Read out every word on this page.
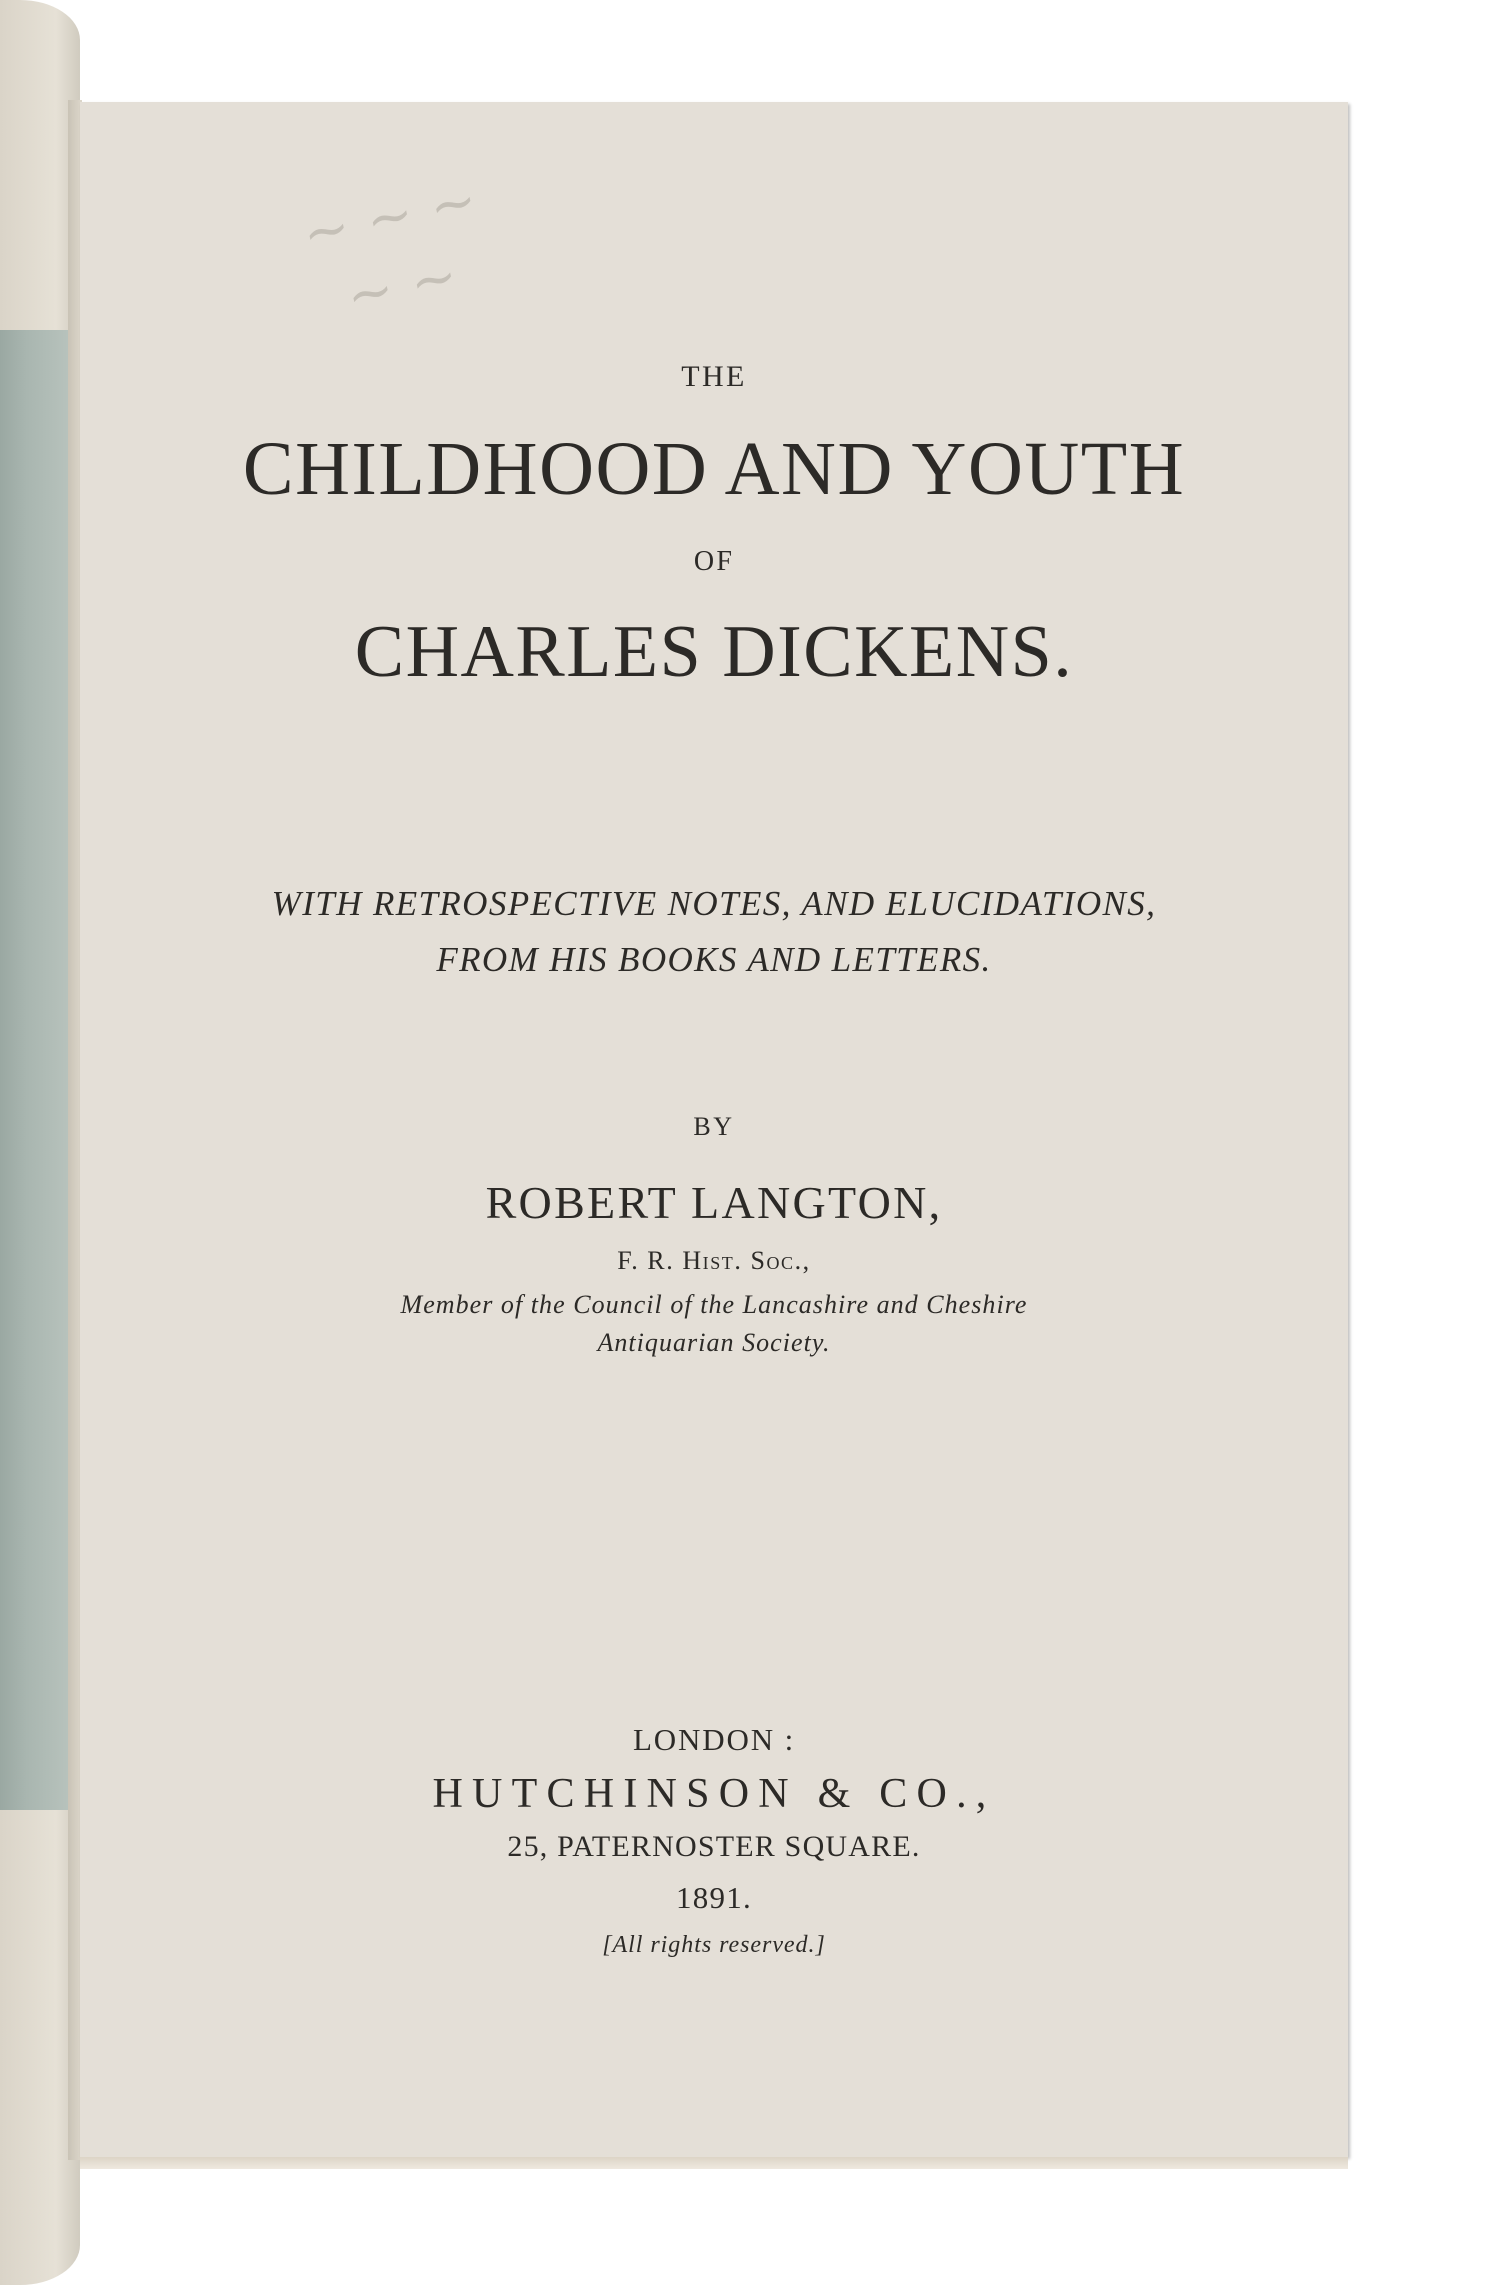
~ ~ ~
~ ~
THE
CHILDHOOD AND YOUTH
OF
CHARLES DICKENS.
WITH RETROSPECTIVE NOTES, AND ELUCIDATIONS,
FROM HIS BOOKS AND LETTERS.
BY
ROBERT LANGTON,
F. R. Hist. Soc.,
Member of the Council of the Lancashire and Cheshire
Antiquarian Society.
LONDON :
HUTCHINSON & CO.,
25, PATERNOSTER SQUARE.
1891.
[All rights reserved.]
